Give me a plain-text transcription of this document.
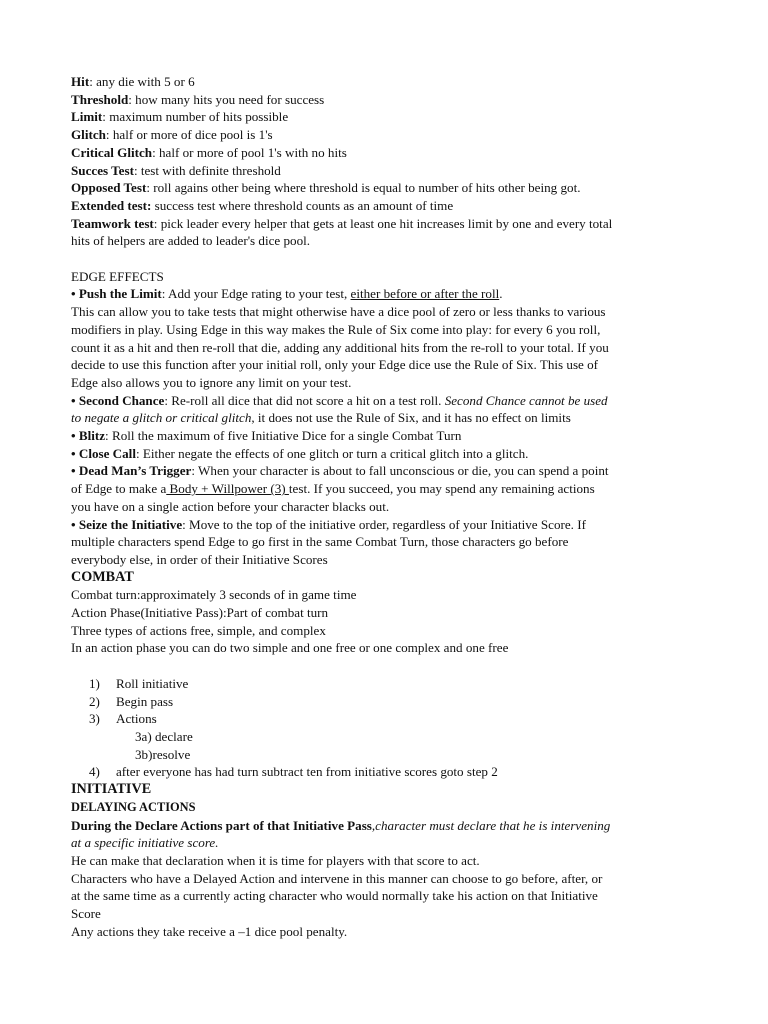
Hit: any die with 5 or 6
Threshold: how many hits you need for success
Limit: maximum number of hits possible
Glitch: half or more of dice pool is 1's
Critical Glitch: half or more of pool 1's with no hits
Succes Test: test with definite threshold
Opposed Test: roll agains other being where threshold is equal to number of hits other being got.
Extended test: success test where threshold counts as an amount of time
Teamwork test: pick leader every helper that gets at least one hit increases limit by one and every total
hits of helpers are added to leader's dice pool.
EDGE EFFECTS
• Push the Limit: Add your Edge rating to your test, either before or after the roll.
This can allow you to take tests that might otherwise have a dice pool of zero or less thanks to various
modifiers in play. Using Edge in this way makes the Rule of Six come into play: for every 6 you roll,
count it as a hit and then re-roll that die, adding any additional hits from the re-roll to your total. If you
decide to use this function after your initial roll, only your Edge dice use the Rule of Six. This use of
Edge also allows you to ignore any limit on your test.
• Second Chance: Re-roll all dice that did not score a hit on a test roll. Second Chance cannot be used
to negate a glitch or critical glitch, it does not use the Rule of Six, and it has no effect on limits
• Blitz: Roll the maximum of five Initiative Dice for a single Combat Turn
• Close Call: Either negate the effects of one glitch or turn a critical glitch into a glitch.
• Dead Man’s Trigger: When your character is about to fall unconscious or die, you can spend a point
of Edge to make a Body + Willpower (3) test. If you succeed, you may spend any remaining actions
you have on a single action before your character blacks out.
• Seize the Initiative: Move to the top of the initiative order, regardless of your Initiative Score. If
multiple characters spend Edge to go first in the same Combat Turn, those characters go before
everybody else, in order of their Initiative Scores
COMBAT
Combat turn:approximately 3 seconds of in game time
Action Phase(Initiative Pass):Part of combat turn
Three types of actions free, simple, and complex
In an action phase you can do two simple and one free or one complex and one free
1)	Roll initiative
2)	Begin pass
3)	Actions
3a) declare
3b)resolve
4)	after everyone has had turn subtract ten from initiative scores goto step 2
INITIATIVE
DELAYING ACTIONS
During the Declare Actions part of that Initiative Pass,character must declare that he is intervening
at a specific initiative score.
He can make that declaration when it is time for players with that score to act.
Characters who have a Delayed Action and intervene in this manner can choose to go before, after, or
at the same time as a currently acting character who would normally take his action on that Initiative
Score
Any actions they take receive a –1 dice pool penalty.
